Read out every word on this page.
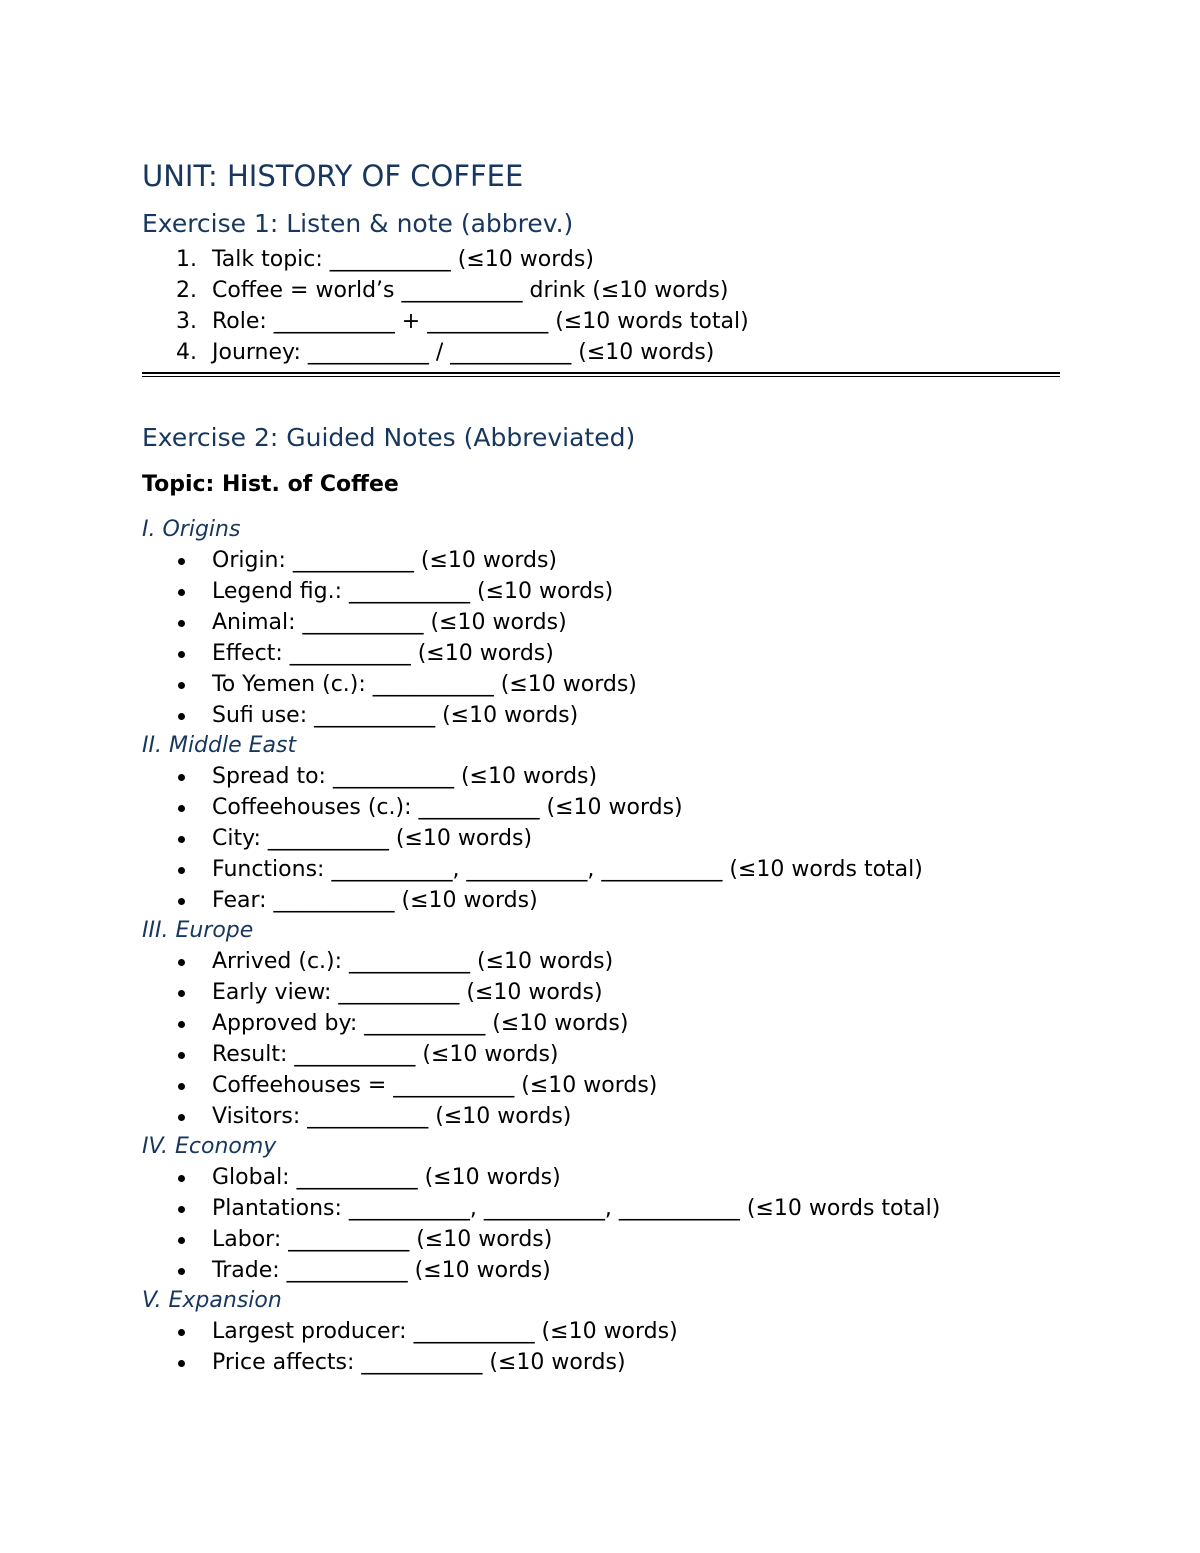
UNIT: HISTORY OF COFFEE
Exercise 1: Listen & note (abbrev.)
1. Talk topic: ___________ (≤10 words)
2. Coffee = world’s ___________ drink (≤10 words)
3. Role: ___________ + ___________ (≤10 words total)
4. Journey: ___________ / ___________ (≤10 words)
Exercise 2: Guided Notes (Abbreviated)
Topic: Hist. of Coffee
I. Origins
Origin: ___________ (≤10 words)
Legend fig.: ___________ (≤10 words)
Animal: ___________ (≤10 words)
Effect: ___________ (≤10 words)
To Yemen (c.): ___________ (≤10 words)
Sufi use: ___________ (≤10 words)
II. Middle East
Spread to: ___________ (≤10 words)
Coffeehouses (c.): ___________ (≤10 words)
City: ___________ (≤10 words)
Functions: ___________, ___________, ___________ (≤10 words total)
Fear: ___________ (≤10 words)
III. Europe
Arrived (c.): ___________ (≤10 words)
Early view: ___________ (≤10 words)
Approved by: ___________ (≤10 words)
Result: ___________ (≤10 words)
Coffeehouses = ___________ (≤10 words)
Visitors: ___________ (≤10 words)
IV. Economy
Global: ___________ (≤10 words)
Plantations: ___________, ___________, ___________ (≤10 words total)
Labor: ___________ (≤10 words)
Trade: ___________ (≤10 words)
V. Expansion
Largest producer: ___________ (≤10 words)
Price affects: ___________ (≤10 words)
